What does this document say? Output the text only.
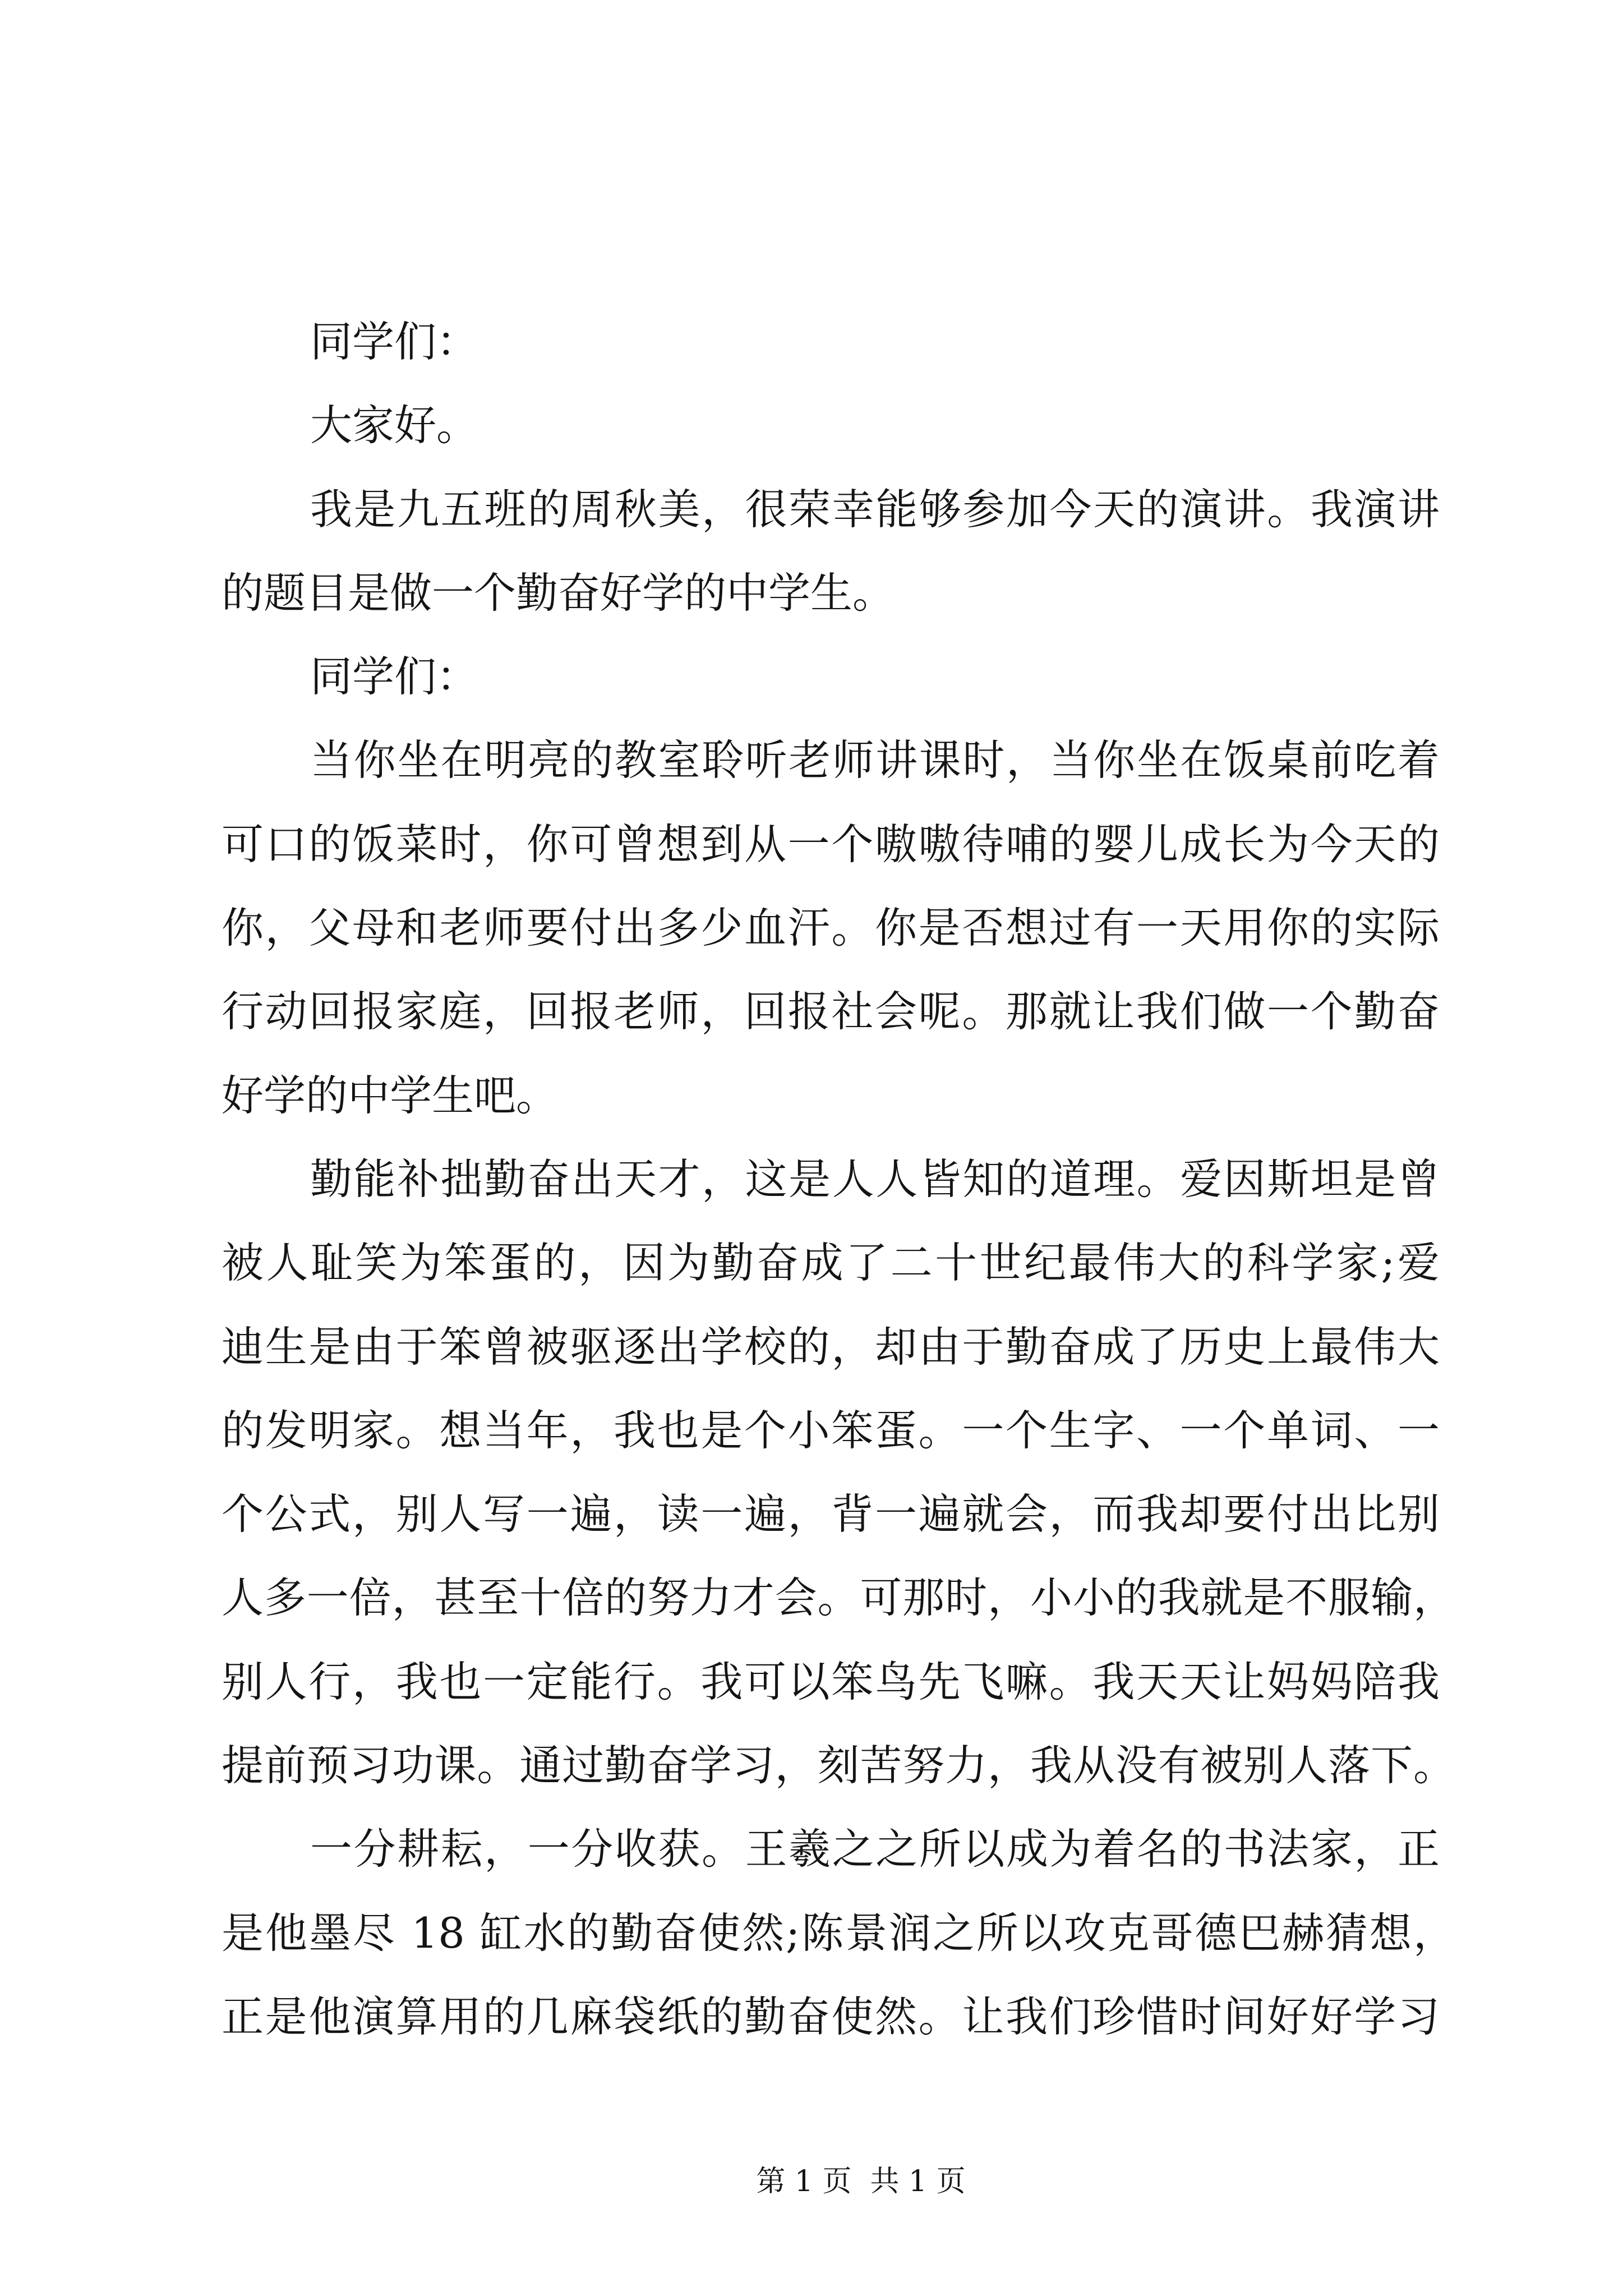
同学们：
大家好。
我是九五班的周秋美，很荣幸能够参加今天的演讲。我演讲
的题目是做一个勤奋好学的中学生。
同学们：
当你坐在明亮的教室聆听老师讲课时，当你坐在饭桌前吃着
可口的饭菜时，你可曾想到从一个嗷嗷待哺的婴儿成长为今天的
你，父母和老师要付出多少血汗。你是否想过有一天用你的实际
行动回报家庭，回报老师，回报社会呢。那就让我们做一个勤奋
好学的中学生吧。
勤能补拙勤奋出天才，这是人人皆知的道理。爱因斯坦是曾
被人耻笑为笨蛋的，因为勤奋成了二十世纪最伟大的科学家;爱
迪生是由于笨曾被驱逐出学校的，却由于勤奋成了历史上最伟大
的发明家。想当年，我也是个小笨蛋。一个生字、一个单词、一
个公式，别人写一遍，读一遍，背一遍就会，而我却要付出比别
人多一倍，甚至十倍的努力才会。可那时，小小的我就是不服输，
别人行，我也一定能行。我可以笨鸟先飞嘛。我天天让妈妈陪我
提前预习功课。通过勤奋学习，刻苦努力，我从没有被别人落下。
一分耕耘，一分收获。王羲之之所以成为着名的书法家，正
是他墨尽 18 缸水的勤奋使然;陈景润之所以攻克哥德巴赫猜想，
正是他演算用的几麻袋纸的勤奋使然。让我们珍惜时间好好学习
第 1 页  共 1 页
